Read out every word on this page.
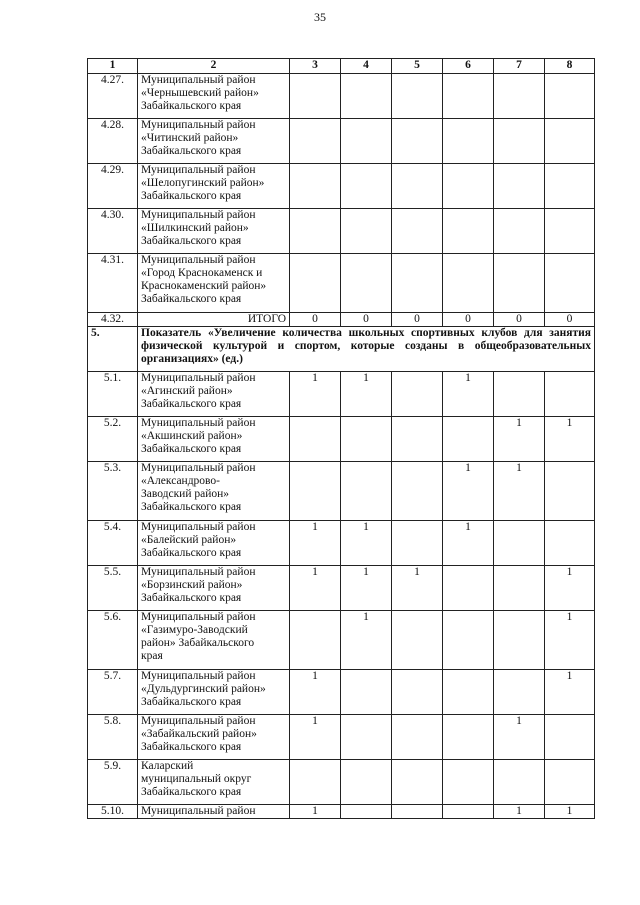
35
1	2	3	4	5	6	7	8
4.27.	Муниципальный район
«Чернышевский район»
Забайкальского края						
4.28.	Муниципальный район
«Читинский район»
Забайкальского края						
4.29.	Муниципальный район
«Шелопугинский район»
Забайкальского края						
4.30.	Муниципальный район
«Шилкинский район»
Забайкальского края						
4.31.	Муниципальный район
«Город Краснокаменск и
Краснокаменский район»
Забайкальского края						
4.32.	ИТОГО	0	0	0	0	0	0
5.	Показатель «Увеличение количества школьных спортивных клубов для занятия физической культурой и спортом, которые созданы в общеобразовательных организациях» (ед.)						
5.1.	Муниципальный район
«Агинский район»
Забайкальского края	1	1		1		
5.2.	Муниципальный район
«Акшинский район»
Забайкальского края					1	1
5.3.	Муниципальный район
«Александрово-
Заводский район»
Забайкальского края				1	1	
5.4.	Муниципальный район
«Балейский район»
Забайкальского края	1	1		1		
5.5.	Муниципальный район
«Борзинский район»
Забайкальского края	1	1	1			1
5.6.	Муниципальный район
«Газимуро-Заводский
район» Забайкальского
края		1				1
5.7.	Муниципальный район
«Дульдургинский район»
Забайкальского края	1					1
5.8.	Муниципальный район
«Забайкальский район»
Забайкальского края	1				1	
5.9.	Каларский
муниципальный округ
Забайкальского края						
5.10.	Муниципальный район	1				1	1
